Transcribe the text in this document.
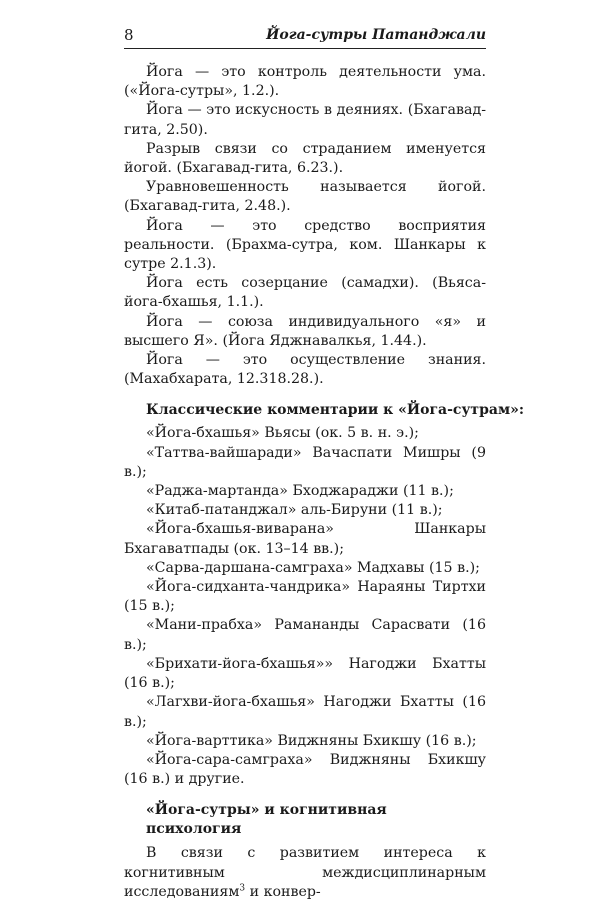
8	Йога-сутры Патанджали

Йога — это контроль деятельности ума. («Йога-сутры», 1.2.).

Йога — это искусность в деяниях. (Бхагавад-гита, 2.50).

Разрыв связи со страданием именуется йогой. (Бхагавад-гита, 6.23.).

Уравновешенность называется йогой. (Бхагавад-гита, 2.48.).

Йога — это средство восприятия реальности. (Брахма-сутра, ком. Шанкары к сутре 2.1.3).

Йога есть созерцание (самадхи). (Вьяса-йога-бхашья, 1.1.).

Йога — союза индивидуального «я» и высшего Я». (Йога Яджнавалкья, 1.44.).

Йога — это осуществление знания. (Махабхарата, 12.318.28.).

Классические комментарии к «Йога-сутрам»:

«Йога-бхашья» Вьясы (ок. 5 в. н. э.);

«Таттва-вайшаради» Вачаспати Мишры (9 в.);

«Раджа-мартанда» Бходжараджи (11 в.);

«Китаб-патанджал» аль-Бируни (11 в.);

«Йога-бхашья-виварана» Шанкары Бхагаватпады (ок. 13–14 вв.);

«Сарва-даршана-самграха» Мадхавы (15 в.);

«Йога-сидханта-чандрика» Нараяны Тиртхи (15 в.);

«Мани-прабха» Рамананды Сарасвати (16 в.);

«Брихати-йога-бхашья»» Нагоджи Бхатты (16 в.);

«Лагхви-йога-бхашья» Нагоджи Бхатты (16 в.);

«Йога-варттика» Виджняны Бхикшу (16 в.);

«Йога-сара-самграха» Виджняны Бхикшу (16 в.) и другие.

«Йога-сутры» и когнитивная психология

В связи с развитием интереса к когнитивным междисциплинарным исследованиям$^3$ и конвер-
